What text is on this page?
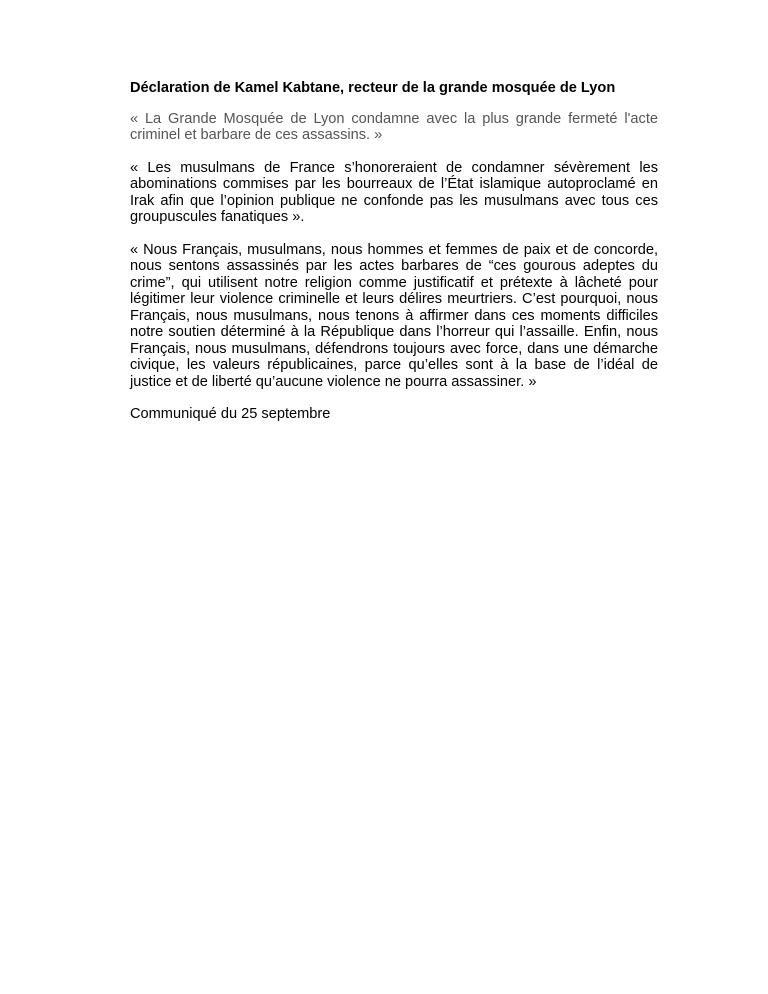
Déclaration de Kamel Kabtane, recteur de la grande mosquée de Lyon

« La Grande Mosquée de Lyon condamne avec la plus grande fermeté l'acte criminel et barbare de ces assassins. »

« Les musulmans de France s’honoreraient de condamner sévèrement les abominations commises par les bourreaux de l’État islamique autoproclamé en Irak afin que l’opinion publique ne confonde pas les musulmans avec tous ces groupuscules fanatiques ».

« Nous Français, musulmans, nous hommes et femmes de paix et de concorde, nous sentons assassinés par les actes barbares de “ces gourous adeptes du crime”, qui utilisent notre religion comme justificatif et prétexte à lâcheté pour légitimer leur violence criminelle et leurs délires meurtriers. C’est pourquoi, nous Français, nous musulmans, nous tenons à affirmer dans ces moments difficiles notre soutien déterminé à la République dans l’horreur qui l’assaille. Enfin, nous Français, nous musulmans, défendrons toujours avec force, dans une démarche civique, les valeurs républicaines, parce qu’elles sont à la base de l’idéal de justice et de liberté qu’aucune violence ne pourra assassiner. »

Communiqué du 25 septembre
